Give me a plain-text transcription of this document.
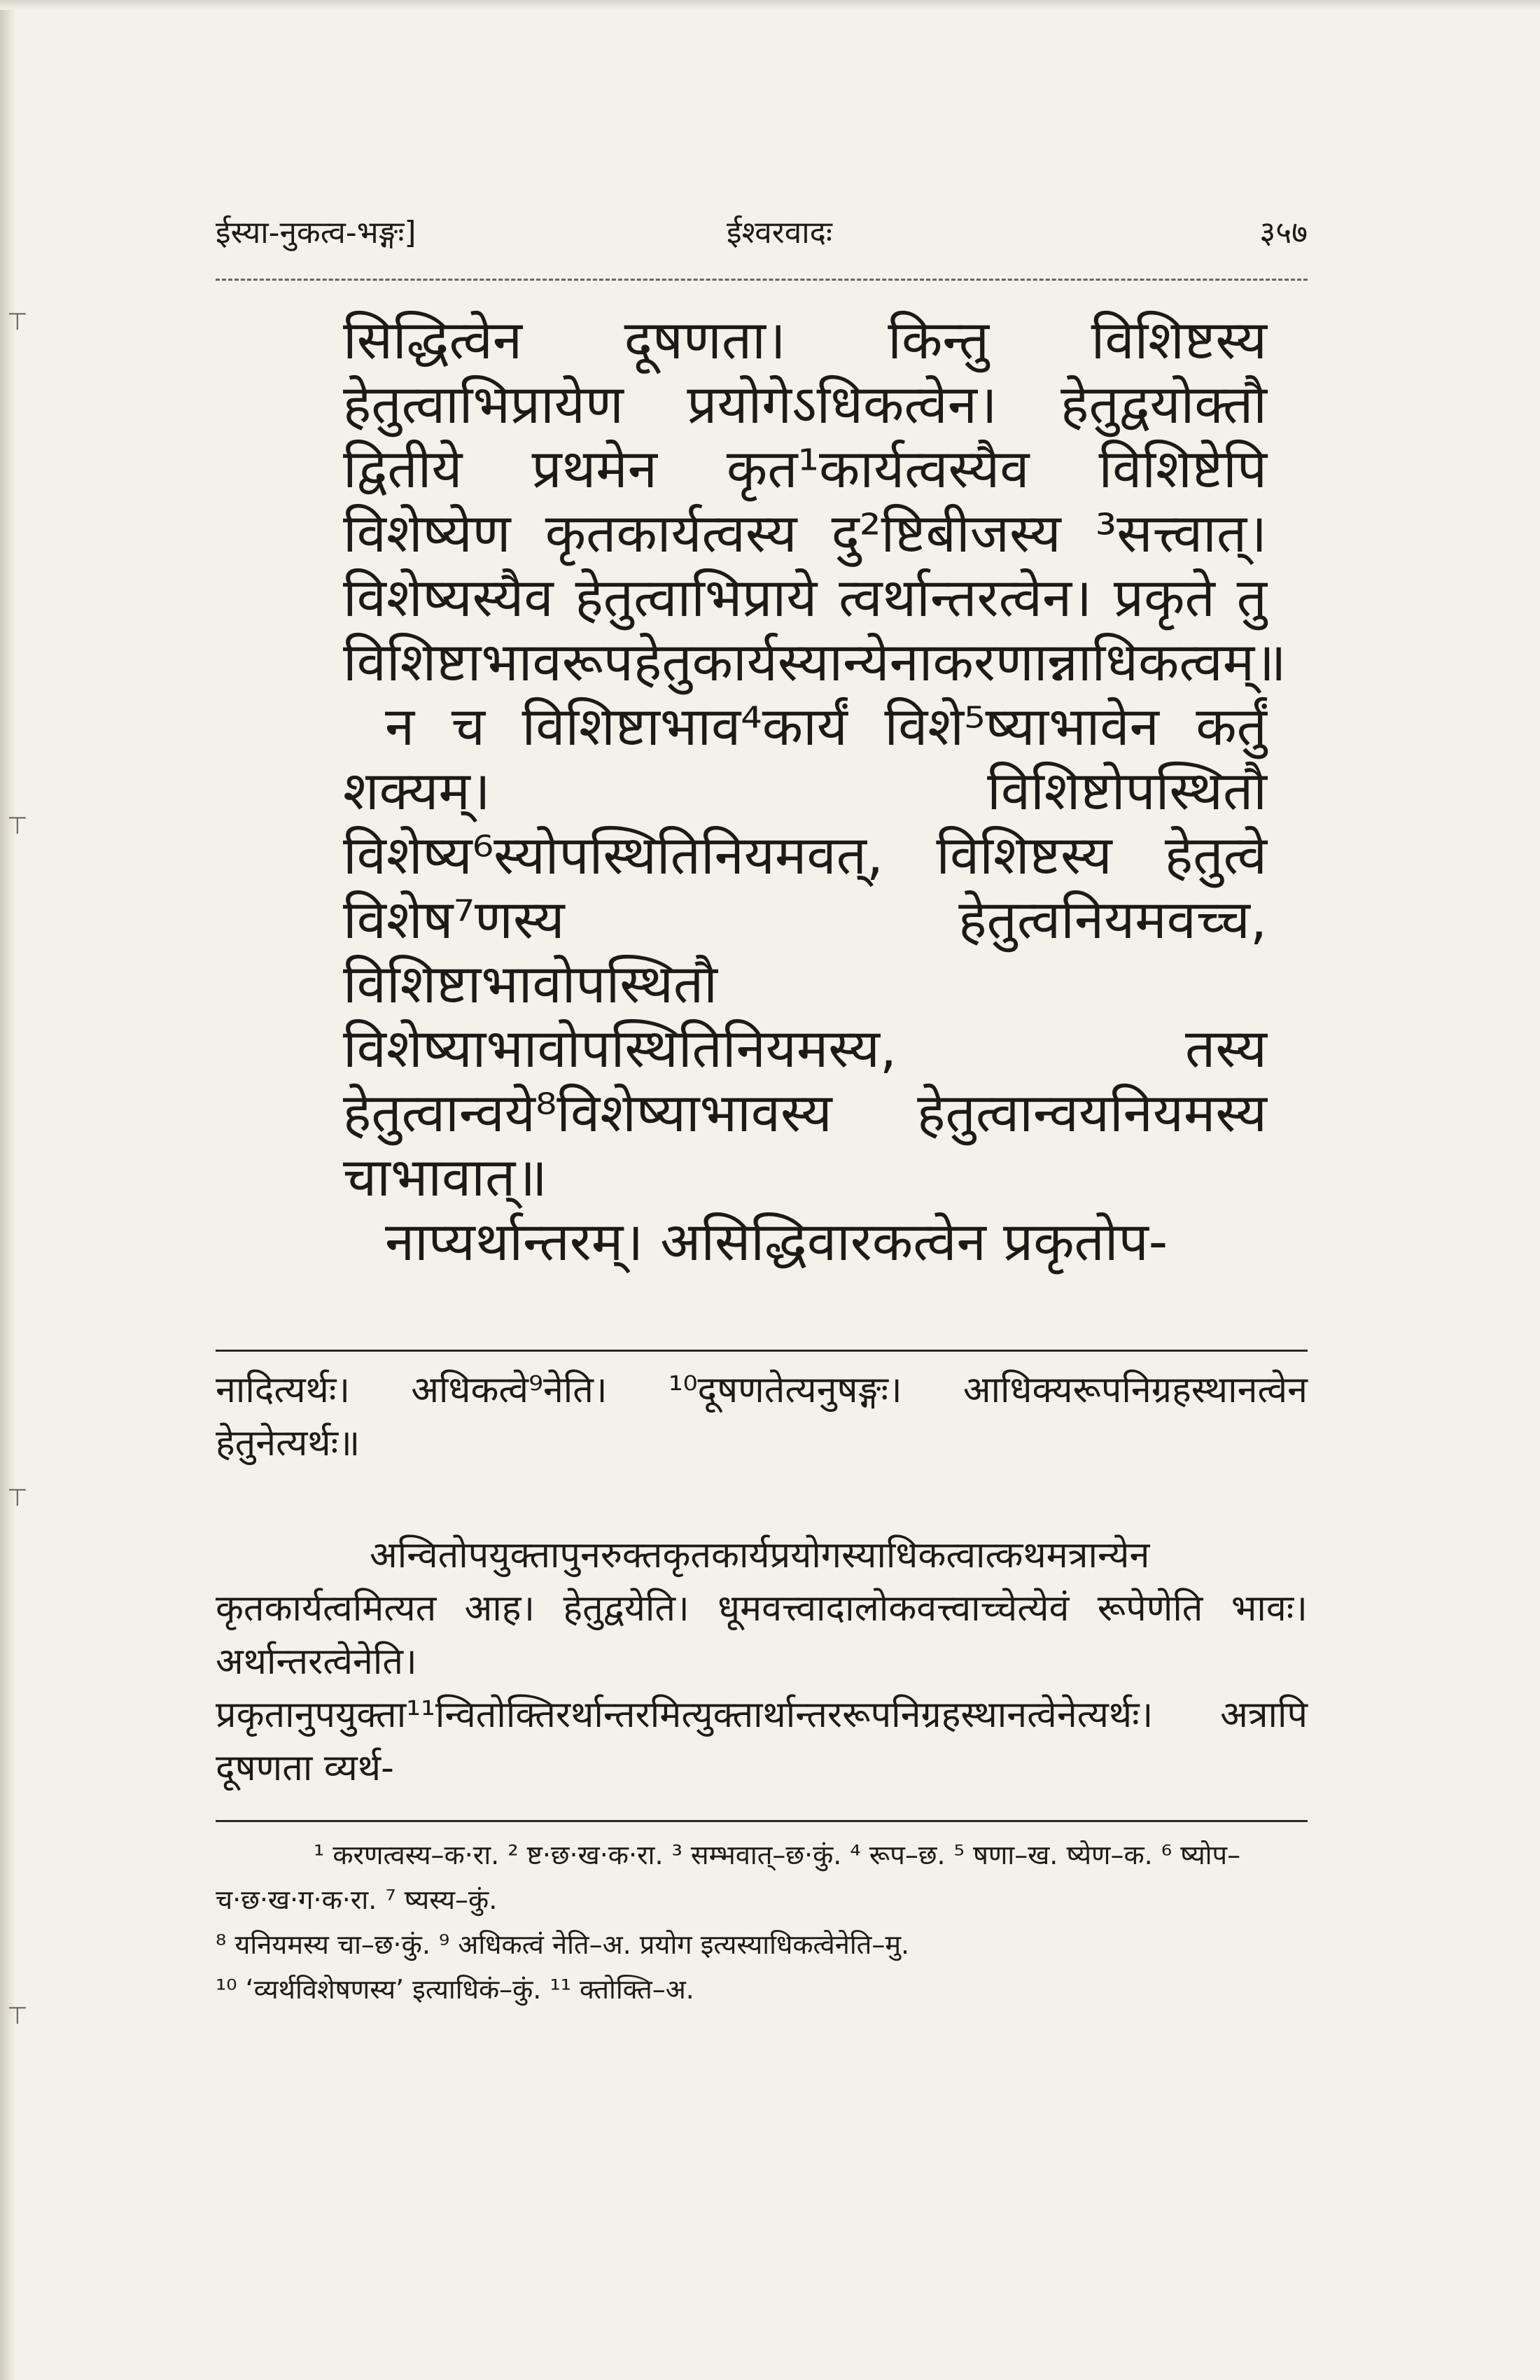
⊤
⊤
⊤
⊤
ईस्या-नुकत्व-भङ्गः]	ईश्वरवादः	३५७

सिद्धित्वेन दूषणता। किन्तु विशिष्टस्य हेतुत्वाभिप्रायेण प्रयोगेऽधिकत्वेन। हेतुद्वयोक्तौ द्वितीये प्रथमेन कृत¹कार्यत्वस्यैव विशिष्टेपि विशेष्येण कृतकार्यत्वस्य दु²ष्टिबीजस्य ³सत्त्वात्। विशेष्यस्यैव हेतुत्वाभिप्राये त्वर्थान्तरत्वेन। प्रकृते तु विशिष्टाभावरूपहेतुकार्यस्यान्येनाकरणान्नाधिकत्वम्॥

न च विशिष्टाभाव⁴कार्यं विशे⁵ष्याभावेन कर्तुं शक्यम्। विशिष्टोपस्थितौ विशेष्य⁶स्योपस्थितिनियमवत्, विशिष्टस्य हेतुत्वे विशेष⁷णस्य हेतुत्वनियमवच्च, विशिष्टाभावोपस्थितौ विशेष्याभावोपस्थितिनियमस्य, तस्य हेतुत्वान्वये⁸विशेष्याभावस्य हेतुत्वान्वयनियमस्य चाभावात्॥

नाप्यर्थान्तरम्। असिद्धिवारकत्वेन प्रकृतोप-

नादित्यर्थः। अधिकत्वे⁹नेति। ¹⁰दूषणतेत्यनुषङ्गः। आधिक्यरूपनिग्रहस्थानत्वेन हेतुनेत्यर्थः॥

अन्वितोपयुक्तापुनरुक्तकृतकार्यप्रयोगस्याधिकत्वात्कथमत्रान्येन कृतकार्यत्वमित्यत आह। हेतुद्वयेति। धूमवत्त्वादालोकवत्त्वाच्चेत्येवं रूपेणेति भावः। अर्थान्तरत्वेनेति। प्रकृतानुपयुक्ता¹¹न्वितोक्तिरर्थान्तरमित्युक्तार्थान्तररूपनिग्रहस्थानत्वेनेत्यर्थः। अत्रापि दूषणता व्यर्थ-

¹ करणत्वस्य–क·रा. ² ष्ट·छ·ख·क·रा. ³ सम्भवात्–छ·कुं. ⁴ रूप–छ. ⁵ षणा–ख. ष्येण–क. ⁶ ष्योप–च·छ·ख·ग·क·रा. ⁷ ष्यस्य–कुं.

⁸ यनियमस्य चा–छ·कुं. ⁹ अधिकत्वं नेति–अ. प्रयोग इत्यस्याधिकत्वेनेति–मु.

¹⁰ ‘व्यर्थविशेषणस्य’ इत्याधिकं–कुं. ¹¹ क्तोक्ति–अ.
